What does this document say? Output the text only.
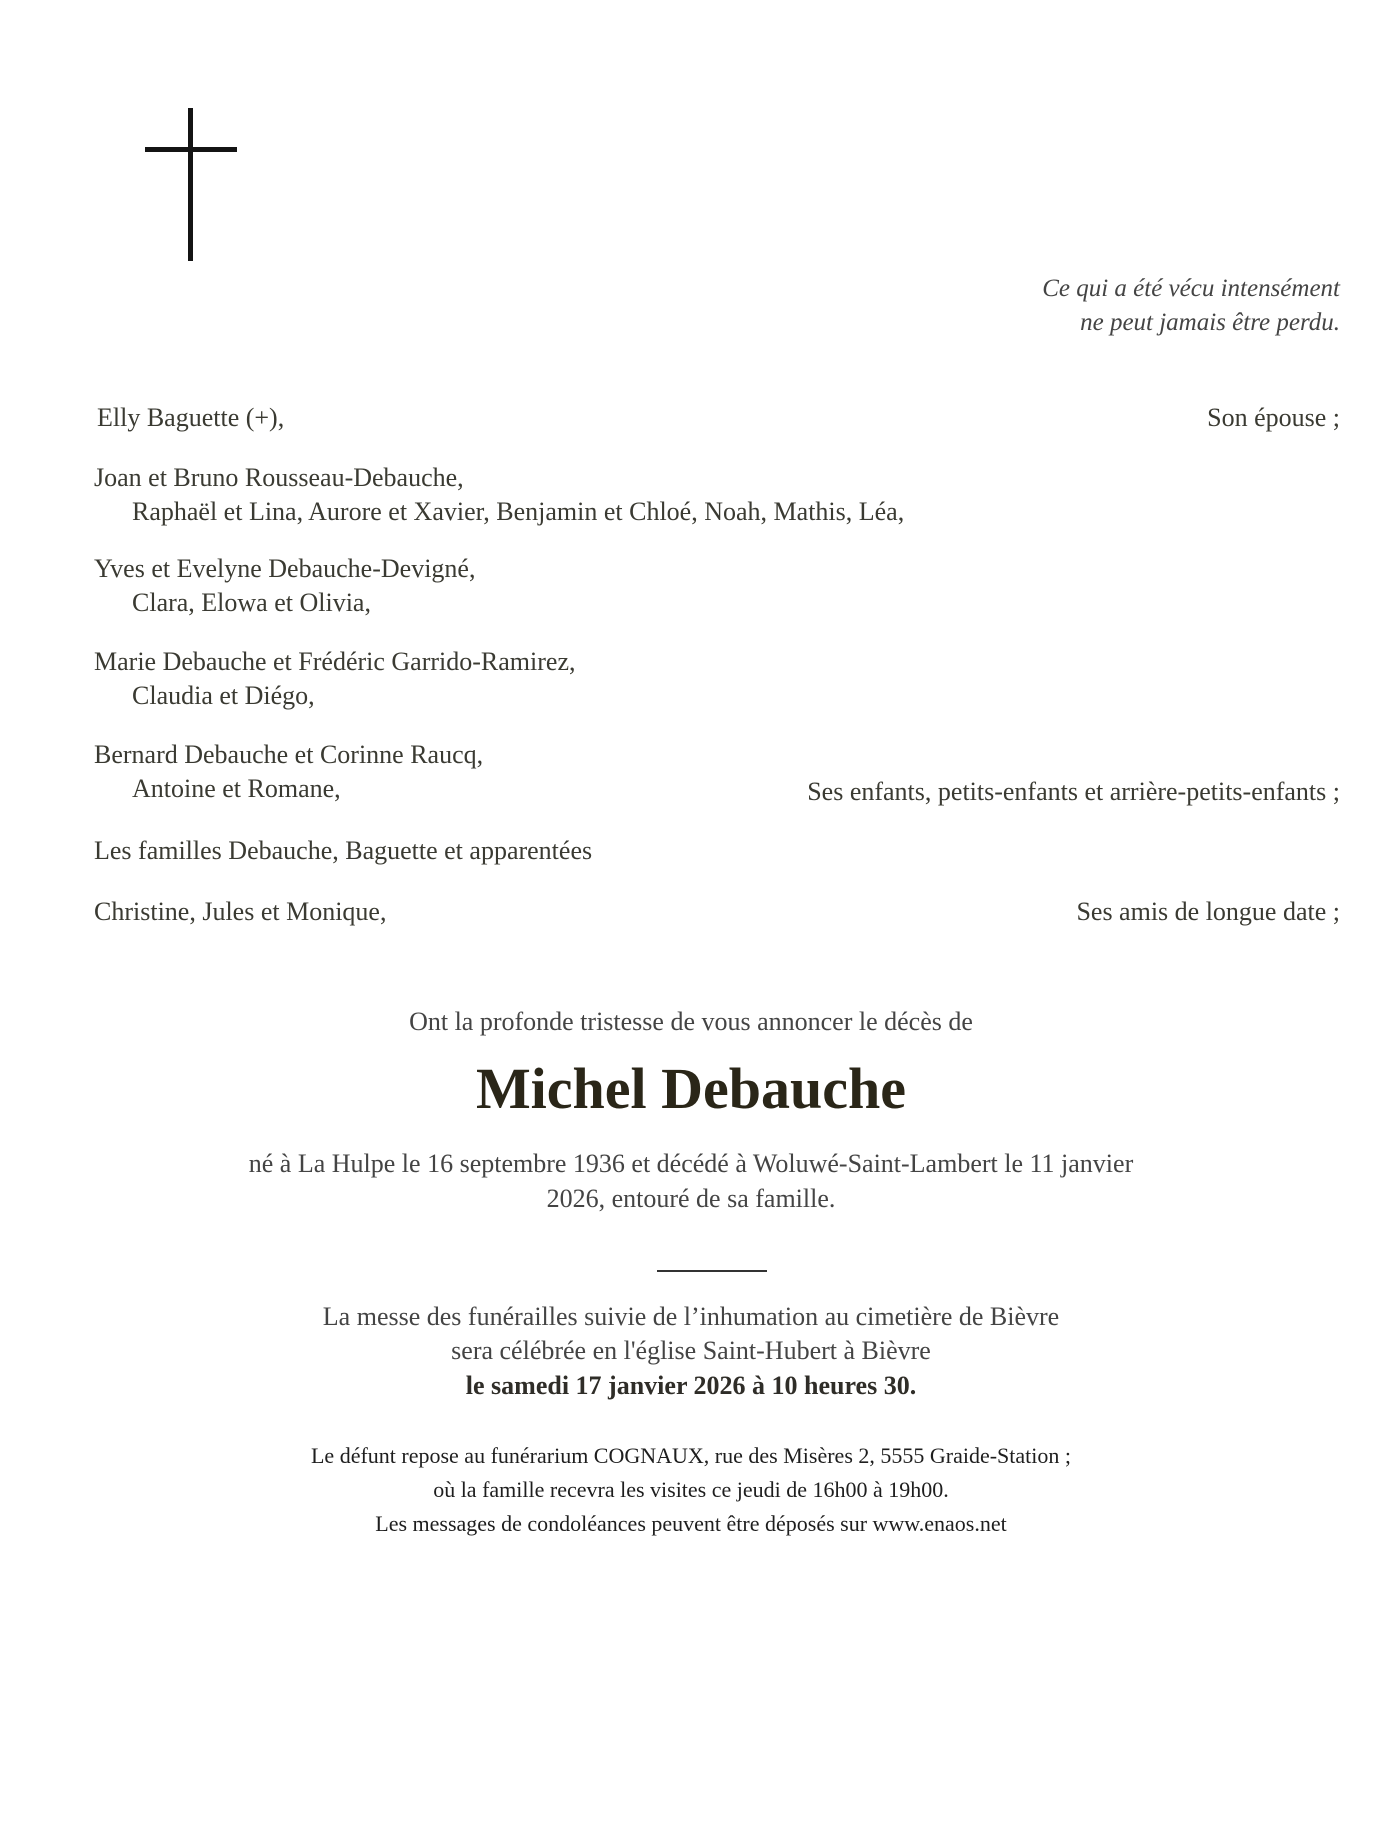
Ce qui a été vécu intensément
ne peut jamais être perdu.
Elly Baguette (+),	Son épouse ;
Joan et Bruno Rousseau-Debauche,
Raphaël et Lina, Aurore et Xavier, Benjamin et Chloé, Noah, Mathis, Léa,
Yves et Evelyne Debauche-Devigné,
Clara, Elowa et Olivia,
Marie Debauche et Frédéric Garrido-Ramirez,
Claudia et Diégo,
Bernard Debauche et Corinne Raucq,
Antoine et Romane,	Ses enfants, petits-enfants et arrière-petits-enfants ;
Les familles Debauche, Baguette et apparentées
Christine, Jules et Monique,	Ses amis de longue date ;
Ont la profonde tristesse de vous annoncer le décès de
Michel Debauche
né à La Hulpe le 16 septembre 1936 et décédé à Woluwé-Saint-Lambert le 11 janvier
2026, entouré de sa famille.
La messe des funérailles suivie de l’inhumation au cimetière de Bièvre
sera célébrée en l'église Saint-Hubert à Bièvre
le samedi 17 janvier 2026 à 10 heures 30.
Le défunt repose au funérarium COGNAUX, rue des Misères 2, 5555 Graide-Station ;
où la famille recevra les visites ce jeudi de 16h00 à 19h00.
Les messages de condoléances peuvent être déposés sur www.enaos.net
